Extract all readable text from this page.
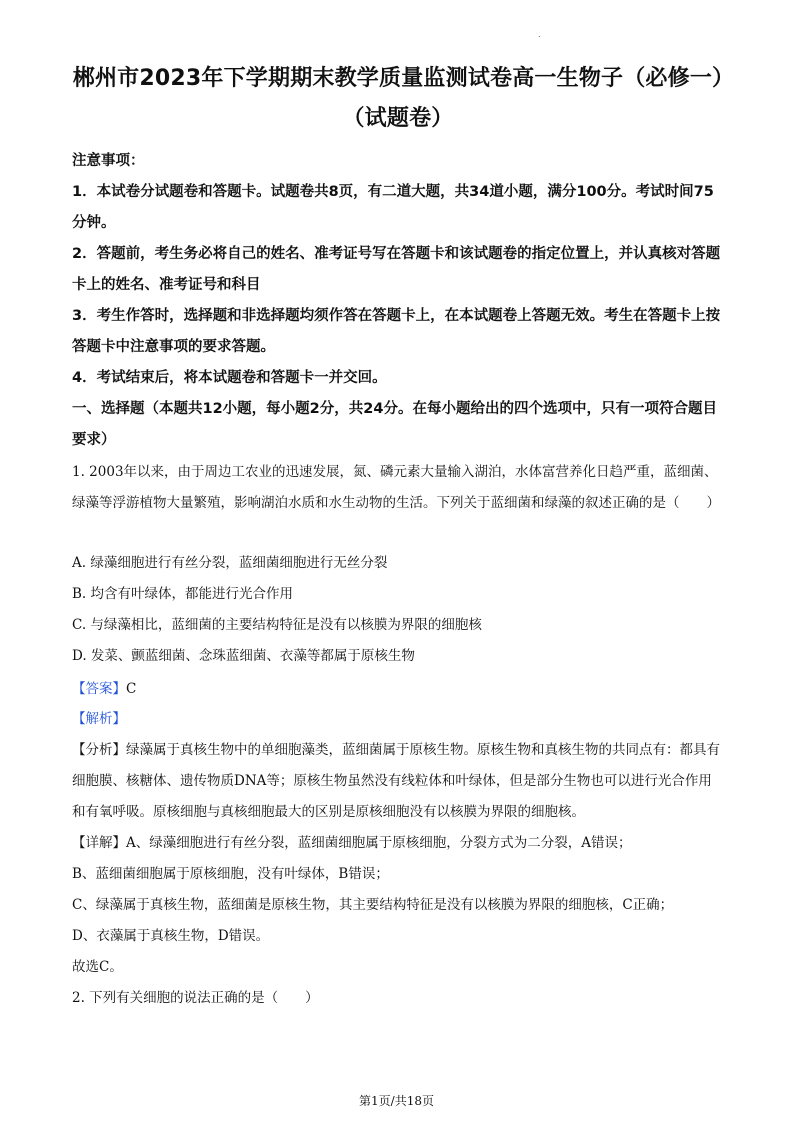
.
郴州市2023年下学期期末教学质量监测试卷高一生物子（必修一）（试题卷）
注意事项：
1．本试卷分试题卷和答题卡。试题卷共8页，有二道大题，共34道小题，满分100分。考试时间75分钟。
2．答题前，考生务必将自己的姓名、准考证号写在答题卡和该试题卷的指定位置上，并认真核对答题卡上的姓名、准考证号和科目
3．考生作答时，选择题和非选择题均须作答在答题卡上，在本试题卷上答题无效。考生在答题卡上按答题卡中注意事项的要求答题。
4．考试结束后，将本试题卷和答题卡一并交回。
一、选择题（本题共12小题，每小题2分，共24分。在每小题给出的四个选项中，只有一项符合题目要求）
1. 2003年以来，由于周边工农业的迅速发展，氮、磷元素大量输入湖泊，水体富营养化日趋严重，蓝细菌、绿藻等浮游植物大量繁殖，影响湖泊水质和水生动物的生活。下列关于蓝细菌和绿藻的叙述正确的是（　　）
A. 绿藻细胞进行有丝分裂，蓝细菌细胞进行无丝分裂
B. 均含有叶绿体，都能进行光合作用
C. 与绿藻相比，蓝细菌的主要结构特征是没有以核膜为界限的细胞核
D. 发菜、颤蓝细菌、念珠蓝细菌、衣藻等都属于原核生物
【答案】C
【解析】
【分析】绿藻属于真核生物中的单细胞藻类，蓝细菌属于原核生物。原核生物和真核生物的共同点有：都具有细胞膜、核糖体、遗传物质DNA等；原核生物虽然没有线粒体和叶绿体，但是部分生物也可以进行光合作用和有氧呼吸。原核细胞与真核细胞最大的区别是原核细胞没有以核膜为界限的细胞核。
【详解】A、绿藻细胞进行有丝分裂，蓝细菌细胞属于原核细胞，分裂方式为二分裂，A错误；
B、蓝细菌细胞属于原核细胞，没有叶绿体，B错误；
C、绿藻属于真核生物，蓝细菌是原核生物，其主要结构特征是没有以核膜为界限的细胞核，C正确；
D、衣藻属于真核生物，D错误。
故选C。
2. 下列有关细胞的说法正确的是（　　）
第1页/共18页
